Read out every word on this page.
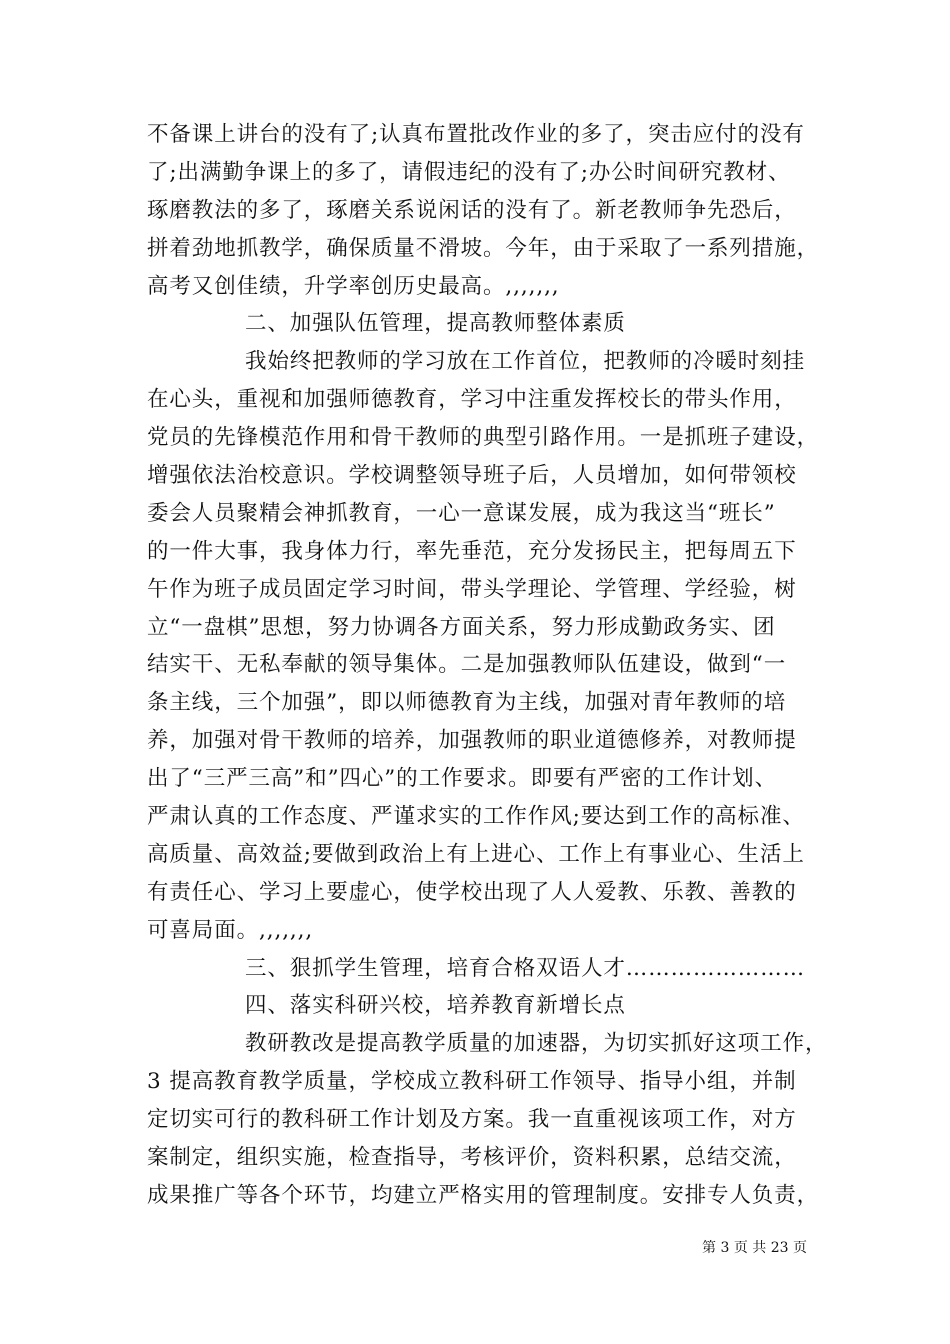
不备课上讲台的没有了;认真布置批改作业的多了，突击应付的没有
了;出满勤争课上的多了，请假违纪的没有了;办公时间研究教材、
琢磨教法的多了，琢磨关系说闲话的没有了。新老教师争先恐后，
拼着劲地抓教学，确保质量不滑坡。今年，由于采取了一系列措施，
高考又创佳绩，升学率创历史最高。,,,,,,,
二、加强队伍管理，提高教师整体素质
我始终把教师的学习放在工作首位，把教师的冷暖时刻挂
在心头，重视和加强师德教育，学习中注重发挥校长的带头作用，
党员的先锋模范作用和骨干教师的典型引路作用。一是抓班子建设，
增强依法治校意识。学校调整领导班子后，人员增加，如何带领校
委会人员聚精会神抓教育，一心一意谋发展，成为我这当“班长”
的一件大事，我身体力行，率先垂范，充分发扬民主，把每周五下
午作为班子成员固定学习时间，带头学理论、学管理、学经验，树
立“一盘棋”思想，努力协调各方面关系，努力形成勤政务实、团
结实干、无私奉献的领导集体。二是加强教师队伍建设，做到“一
条主线，三个加强”，即以师德教育为主线，加强对青年教师的培
养，加强对骨干教师的培养，加强教师的职业道德修养，对教师提
出了“三严三高”和”四心”的工作要求。即要有严密的工作计划、
严肃认真的工作态度、严谨求实的工作作风;要达到工作的高标准、
高质量、高效益;要做到政治上有上进心、工作上有事业心、生活上
有责任心、学习上要虚心，使学校出现了人人爱教、乐教、善教的
可喜局面。,,,,,,,
三、狠抓学生管理，培育合格双语人才……………………
四、落实科研兴校，培养教育新增长点
教研教改是提高教学质量的加速器，为切实抓好这项工作，
3 提高教育教学质量，学校成立教科研工作领导、指导小组，并制
定切实可行的教科研工作计划及方案。我一直重视该项工作，对方
案制定，组织实施，检查指导，考核评价，资料积累，总结交流，
成果推广等各个环节，均建立严格实用的管理制度。安排专人负责，
第 3 页 共 23 页
